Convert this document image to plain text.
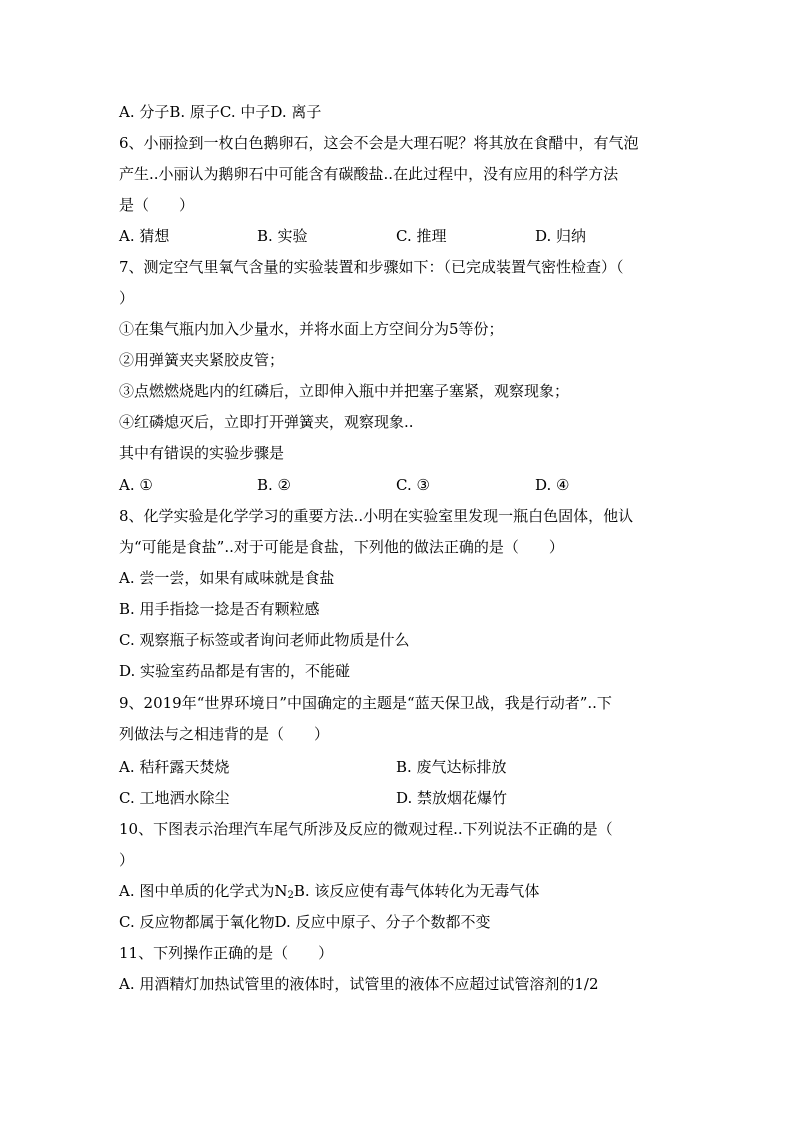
A. 分子B. 原子C. 中子D. 离子
6、小丽捡到一枚白色鹅卵石，这会不会是大理石呢？将其放在食醋中，有气泡
产生..小丽认为鹅卵石中可能含有碳酸盐..在此过程中，没有应用的科学方法
是（　　）
A. 猜想	B. 实验	C. 推理	D. 归纳
7、测定空气里氧气含量的实验装置和步骤如下：（已完成装置气密性检查）（
）
①在集气瓶内加入少量水，并将水面上方空间分为5等份；
②用弹簧夹夹紧胶皮管；
③点燃燃烧匙内的红磷后，立即伸入瓶中并把塞子塞紧，观察现象；
④红磷熄灭后，立即打开弹簧夹，观察现象..
其中有错误的实验步骤是
A. ①	B. ②	C. ③	D. ④
8、化学实验是化学学习的重要方法..小明在实验室里发现一瓶白色固体，他认
为“可能是食盐”..对于可能是食盐，下列他的做法正确的是（　　）
A. 尝一尝，如果有咸味就是食盐
B. 用手指捻一捻是否有颗粒感
C. 观察瓶子标签或者询问老师此物质是什么
D. 实验室药品都是有害的，不能碰
9、2019年“世界环境日”中国确定的主题是“蓝天保卫战，我是行动者”..下
列做法与之相违背的是（　　）
A. 秸秆露天焚烧	B. 废气达标排放
C. 工地洒水除尘	D. 禁放烟花爆竹
10、下图表示治理汽车尾气所涉及反应的微观过程..下列说法不正确的是（
）
A. 图中单质的化学式为$N_2B$. 该反应使有毒气体转化为无毒气体
C. 反应物都属于氧化物D. 反应中原子、分子个数都不变
11、下列操作正确的是（　　）
A. 用酒精灯加热试管里的液体时，试管里的液体不应超过试管溶剂的1/2
